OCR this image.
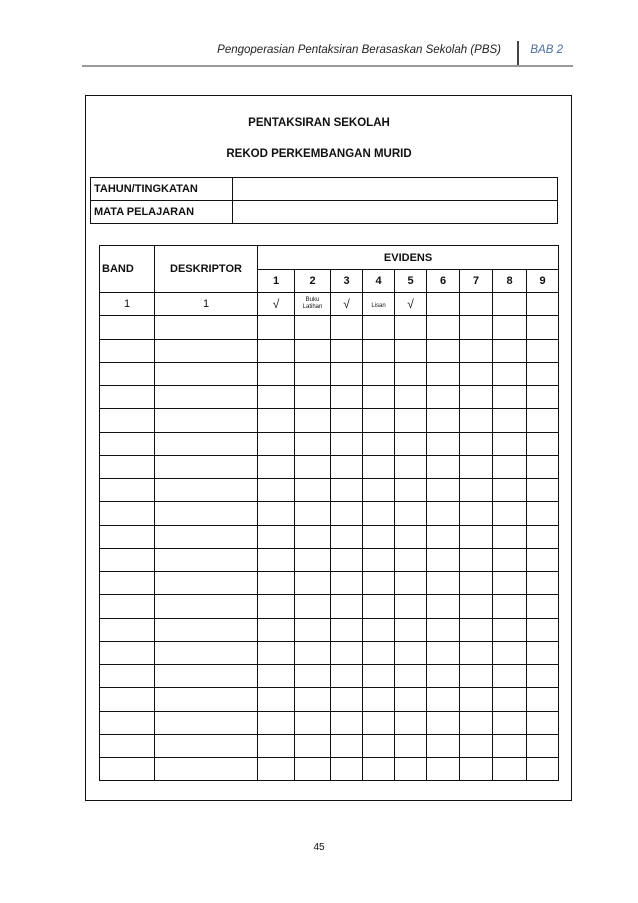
Pengoperasian Pentaksiran Berasaskan Sekolah (PBS)	BAB 2
PENTAKSIRAN SEKOLAH
REKOD PERKEMBANGAN MURID
TAHUN/TINGKATAN	
MATA PELAJARAN	
BAND	DESKRIPTOR	EVIDENS								
		1	2	3	4	5	6	7	8	9
1	1	√	Buku Latihan	√	Lisan	√				

45
